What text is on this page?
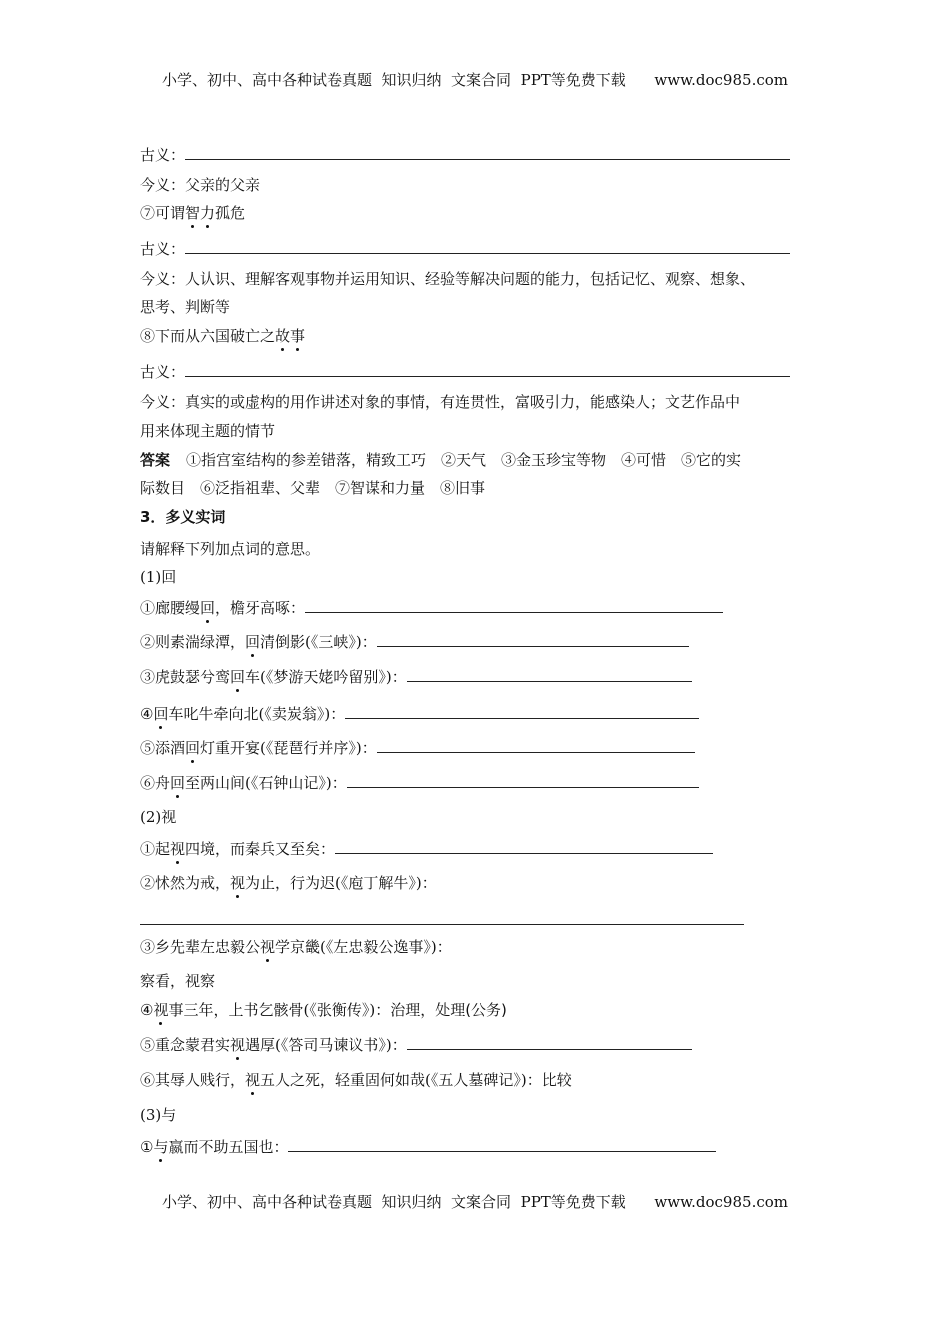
小学、初中、高中各种试卷真题  知识归纳  文案合同  PPT等免费下载      www.doc985.com
古义：
今义：父亲的父亲
⑦可谓智力孤危
古义：
今义：人认识、理解客观事物并运用知识、经验等解决问题的能力，包括记忆、观察、想象、
思考、判断等
⑧下而从六国破亡之故事
古义：
今义：真实的或虚构的用作讲述对象的事情，有连贯性，富吸引力，能感染人；文艺作品中
用来体现主题的情节
答案 ①指宫室结构的参差错落，精致工巧　②天气　③金玉珍宝等物　④可惜　⑤它的实
际数目　⑥泛指祖辈、父辈　⑦智谋和力量　⑧旧事
3．多义实词
请解释下列加点词的意思。
(1)回
①廊腰缦回，檐牙高啄：
②则素湍绿潭，回清倒影(《三峡》)：
③虎鼓瑟兮鸾回车(《梦游天姥吟留别》)：
④回车叱牛牵向北(《卖炭翁》)：
⑤添酒回灯重开宴(《琵琶行并序》)：
⑥舟回至两山间(《石钟山记》)：
(2)视
①起视四境，而秦兵又至矣：
②怵然为戒，视为止，行为迟(《庖丁解牛》)：
③乡先辈左忠毅公视学京畿(《左忠毅公逸事》)：
察看，视察
④视事三年，上书乞骸骨(《张衡传》)：治理，处理(公务)
⑤重念蒙君实视遇厚(《答司马谏议书》)：
⑥其辱人贱行，视五人之死，轻重固何如哉(《五人墓碑记》)：比较
(3)与
①与嬴而不助五国也：
小学、初中、高中各种试卷真题  知识归纳  文案合同  PPT等免费下载      www.doc985.com
